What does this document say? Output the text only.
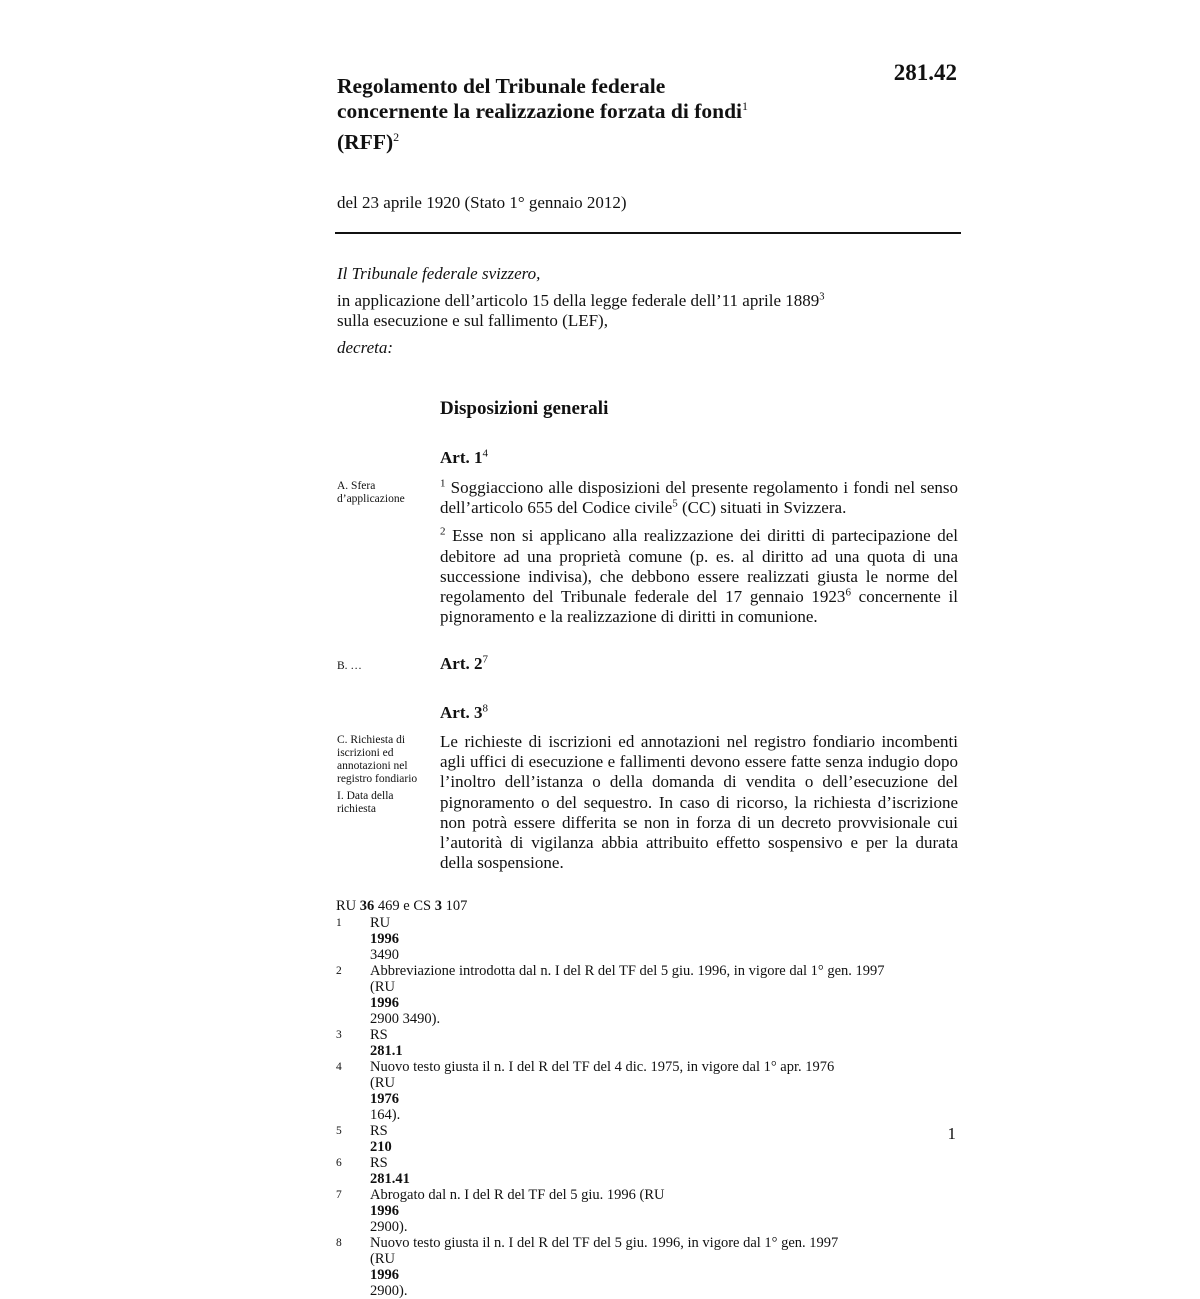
281.42
Regolamento del Tribunale federale
concernente la realizzazione forzata di fondi$^1$
(RFF)$^2$
del 23 aprile 1920 (Stato 1° gennaio 2012)

Il Tribunale federale svizzero,

in applicazione dell’articolo 15 della legge federale dell’11 aprile 1889$^3$

sulla esecuzione e sul fallimento (LEF),

decreta:

Disposizioni generali
Art. $1^4$
A. Sfera
d’applicazione

$^1$ Soggiacciono alle disposizioni del presente regolamento i fondi nel senso dell’articolo 655 del Codice civile$^5$ (CC) situati in Svizzera.

$^2$ Esse non si applicano alla realizzazione dei diritti di partecipazione del debitore ad una proprietà comune (p. es. al diritto ad una quota di una successione indivisa), che debbono essere realizzati giusta le norme del regolamento del Tribunale federale del 17 gennaio 1923$^6$ concernente il pignoramento e la realizzazione di diritti in comunione.

B. …	Art. $2^7$
Art. $3^8$
C. Richiesta di
iscrizioni ed
annotazioni nel
registro fondiario
I. Data della
richiesta

Le richieste di iscrizioni ed annotazioni nel registro fondiario incombenti agli uffici di esecuzione e fallimenti devono essere fatte senza indugio dopo l’inoltro dell’istanza o della domanda di vendita o dell’esecuzione del pignoramento o del sequestro. In caso di ricorso, la richiesta d’iscrizione non potrà essere differita se non in forza di un decreto provvisionale cui l’autorità di vigilanza abbia attribuito effetto sospensivo e per la durata della sospensione.

RU 36 469 e CS 3 107
1	RU
1996
3490
2	Abbreviazione introdotta dal n. I del R del TF del 5 giu. 1996, in vigore dal 1° gen. 1997
(RU
1996
2900 3490).
3	RS
281.1
4	Nuovo testo giusta il n. I del R del TF del 4 dic. 1975, in vigore dal 1° apr. 1976
(RU
1976
164).
5	RS
210
6	RS
281.41
7	Abrogato dal n. I del R del TF del 5 giu. 1996 (RU
1996
2900).
8	Nuovo testo giusta il n. I del R del TF del 5 giu. 1996, in vigore dal 1° gen. 1997
(RU
1996
2900).
1
